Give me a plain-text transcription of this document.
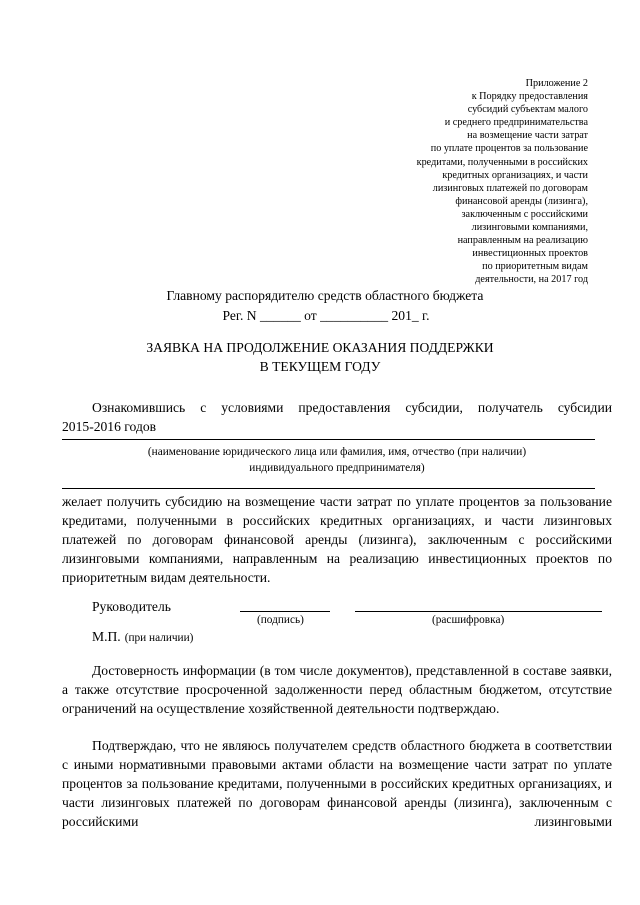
Приложение 2
к Порядку предоставления
субсидий субъектам малого
и среднего предпринимательства
на возмещение части затрат
по уплате процентов за пользование
кредитами, полученными в российских
кредитных организациях, и части
лизинговых платежей по договорам
финансовой аренды (лизинга),
заключенным с российскими
лизинговыми компаниями,
направленным на реализацию
инвестиционных проектов
по приоритетным видам
деятельности, на 2017 год
Главному распорядителю средств областного бюджета
Рег. N ______ от __________ 201_ г.
ЗАЯВКА НА ПРОДОЛЖЕНИЕ ОКАЗАНИЯ ПОДДЕРЖКИ
В ТЕКУЩЕМ ГОДУ
Ознакомившись с условиями предоставления субсидии, получатель субсидии
2015-2016 годов
(наименование юридического лица или фамилия, имя, отчество (при наличии)
индивидуального предпринимателя)
желает получить субсидию на возмещение части затрат по уплате процентов за пользование кредитами, полученными в российских кредитных организациях, и части лизинговых платежей по договорам финансовой аренды (лизинга), заключенным с российскими лизинговыми компаниями, направленным на реализацию инвестиционных проектов по приоритетным видам деятельности.
Руководитель
(подпись)	(расшифровка)
М.П. (при наличии)
Достоверность информации (в том числе документов), представленной в составе заявки, а также отсутствие просроченной задолженности перед областным бюджетом, отсутствие ограничений на осуществление хозяйственной деятельности подтверждаю.
Подтверждаю, что не являюсь получателем средств областного бюджета в соответствии с иными нормативными правовыми актами области на возмещение части затрат по уплате процентов за пользование кредитами, полученными в российских кредитных организациях, и части лизинговых платежей по договорам финансовой аренды (лизинга), заключенным с российскими лизинговыми
